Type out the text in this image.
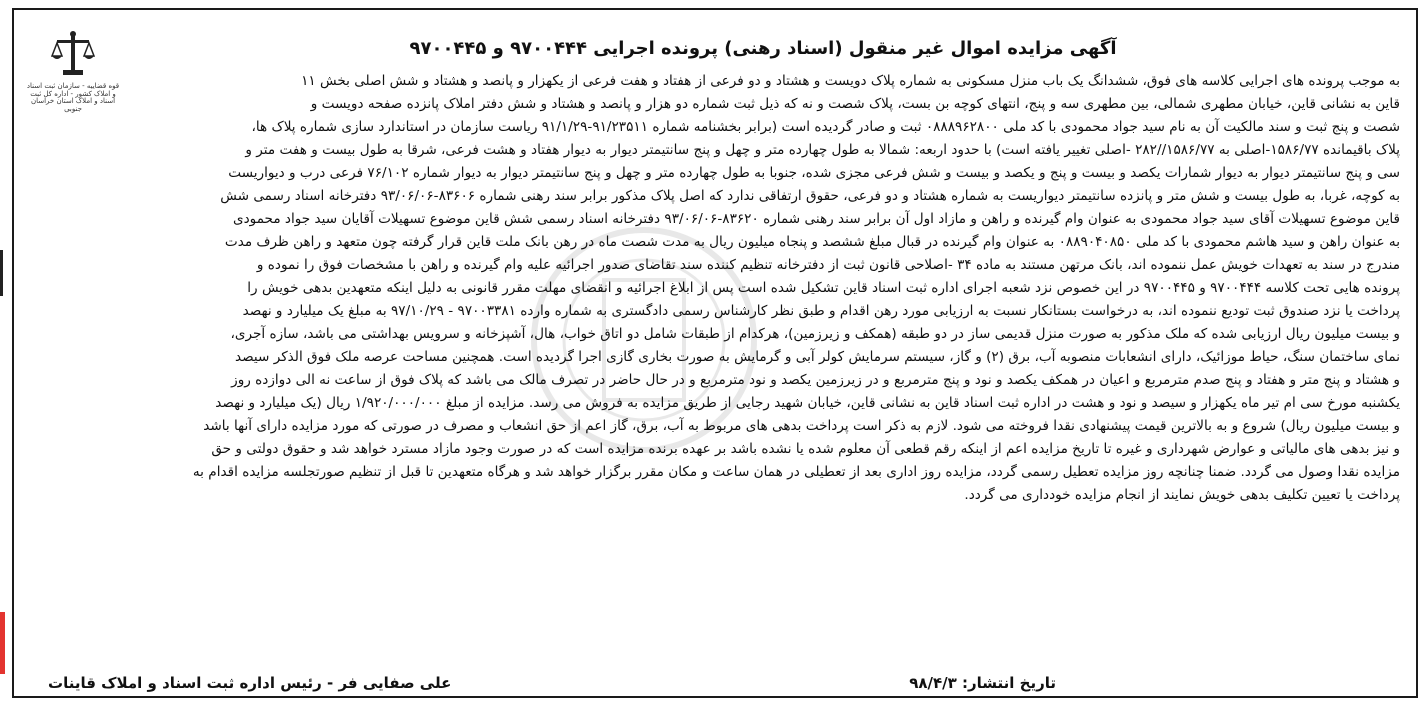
قوه قضاییه - سازمان ثبت اسناد و املاک کشور - اداره کل ثبت اسناد و املاک استان خراسان جنوبی
آگهی مزایده اموال غیر منقول (اسناد رهنی) پرونده اجرایی ۹۷۰۰۴۴۴ و ۹۷۰۰۴۴۵
به موجب پرونده های اجرایی کلاسه های فوق، ششدانگ یک باب منزل مسکونی به شماره پلاک دویست و هشتاد و دو فرعی از هفتاد و هفت فرعی از یکهزار و پانصد و هشتاد و شش اصلی بخش ۱۱
قاین به نشانی قاین، خیابان مطهری شمالی، بین مطهری سه و پنج، انتهای کوچه بن بست، پلاک شصت و نه که ذیل ثبت شماره دو هزار و پانصد و هشتاد و شش دفتر املاک پانزده صفحه دویست و
شصت و پنج ثبت و سند مالکیت آن به نام سید جواد محمودی با کد ملی ۰۸۸۸۹۶۲۸۰۰ ثبت و صادر گردیده است (برابر بخشنامه شماره ۹۱/۲۳۵۱۱-۹۱/۱/۲۹ ریاست سازمان در استاندارد سازی شماره پلاک ها،
پلاک باقیمانده ۱۵۸۶/۷۷-اصلی به ۱۵۸۶/۷۷//۲۸۲ -اصلی تغییر یافته است) با حدود اربعه: شمالا به طول چهارده متر و چهل و پنج سانتیمتر دیوار به دیوار هفتاد و هشت فرعی، شرقا به طول بیست و هفت متر و
سی و پنج سانتیمتر دیوار به دیوار شمارات یکصد و بیست و پنج و یکصد و بیست و شش فرعی مجزی شده، جنوبا به طول چهارده متر و چهل و پنج سانتیمتر دیوار به دیوار شماره ۷۶/۱۰۲ فرعی درب و دیواریست
به کوچه، غربا، به طول بیست و شش متر و پانزده سانتیمتر دیواریست به شماره هشتاد و دو فرعی، حقوق ارتفاقی ندارد که اصل پلاک مذکور برابر سند رهنی شماره ۸۳۶۰۶-۹۳/۰۶/۰۶ دفترخانه اسناد رسمی شش
قاین موضوع تسهیلات آقای سید جواد محمودی به عنوان وام گیرنده و راهن و مازاد اول آن برابر سند رهنی شماره ۸۳۶۲۰-۹۳/۰۶/۰۶ دفترخانه اسناد رسمی شش قاین موضوع تسهیلات آقایان سید جواد محمودی
به عنوان راهن و سید هاشم محمودی با کد ملی ۰۸۸۹۰۴۰۸۵۰ به عنوان وام گیرنده در قبال مبلغ ششصد و پنجاه میلیون ریال به مدت شصت ماه در رهن بانک ملت قاین قرار گرفته چون متعهد و راهن ظرف مدت
مندرج در سند به تعهدات خویش عمل ننموده اند، بانک مرتهن مستند به ماده ۳۴ -اصلاحی قانون ثبت از دفترخانه تنظیم کننده سند تقاضای صدور اجرائیه علیه وام گیرنده و راهن با مشخصات فوق را نموده و
پرونده هایی تحت کلاسه ۹۷۰۰۴۴۴ و ۹۷۰۰۴۴۵ در این خصوص نزد شعبه اجرای اداره ثبت اسناد قاین تشکیل شده است پس از ابلاغ اجرائیه و انقضای مهلت مقرر قانونی به دلیل اینکه متعهدین بدهی خویش را
پرداخت یا نزد صندوق ثبت تودیع ننموده اند، به درخواست بستانکار نسبت به ارزیابی مورد رهن اقدام و طبق نظر کارشناس رسمی دادگستری به شماره وارده ۹۷۰۰۳۳۸۱ - ۹۷/۱۰/۲۹ به مبلغ یک میلیارد و نهصد
و بیست میلیون ریال ارزیابی شده که ملک مذکور به صورت منزل قدیمی ساز در دو طبقه (همکف و زیرزمین)، هرکدام از طبقات شامل دو اتاق خواب، هال، آشپزخانه و سرویس بهداشتی می باشد، سازه آجری،
نمای ساختمان سنگ، حیاط موزائیک، دارای انشعابات منصوبه آب، برق (۲) و گاز، سیستم سرمایش کولر آبی و گرمایش به صورت بخاری گازی اجرا گردیده است. همچنین مساحت عرصه ملک فوق الذکر سیصد
و هشتاد و پنج متر و هفتاد و پنج صدم مترمربع و اعیان در همکف یکصد و نود و پنج مترمربع و در زیرزمین یکصد و نود مترمربع و در حال حاضر در تصرف مالک می باشد که پلاک فوق از ساعت نه الی دوازده روز
یکشنبه مورخ سی ام تیر ماه یکهزار و سیصد و نود و هشت در اداره ثبت اسناد قاین به نشانی قاین، خیابان شهید رجایی از طریق مزایده به فروش می رسد. مزایده از مبلغ ۱/۹۲۰/۰۰۰/۰۰۰ ریال (یک میلیارد و نهصد
و بیست میلیون ریال) شروع و به بالاترین قیمت پیشنهادی نقدا فروخته می شود. لازم به ذکر است پرداخت بدهی های مربوط به آب، برق، گاز اعم از حق انشعاب و مصرف در صورتی که مورد مزایده دارای آنها باشد
و نیز بدهی های مالیاتی و عوارض شهرداری و غیره تا تاریخ مزایده اعم از اینکه رقم قطعی آن معلوم شده یا نشده باشد بر عهده برنده مزایده است که در صورت وجود مازاد مسترد خواهد شد و حقوق دولتی و حق
مزایده نقدا وصول می گردد. ضمنا چنانچه روز مزایده تعطیل رسمی گردد، مزایده روز اداری بعد از تعطیلی در همان ساعت و مکان مقرر برگزار خواهد شد و هرگاه متعهدین تا قبل از تنظیم صورتجلسه مزایده اقدام به
پرداخت یا تعیین تکلیف بدهی خویش نمایند از انجام مزایده خودداری می گردد.
تاریخ انتشار: ۹۸/۴/۳
علی صفایی فر - رئیس اداره ثبت اسناد و املاک قاینات
